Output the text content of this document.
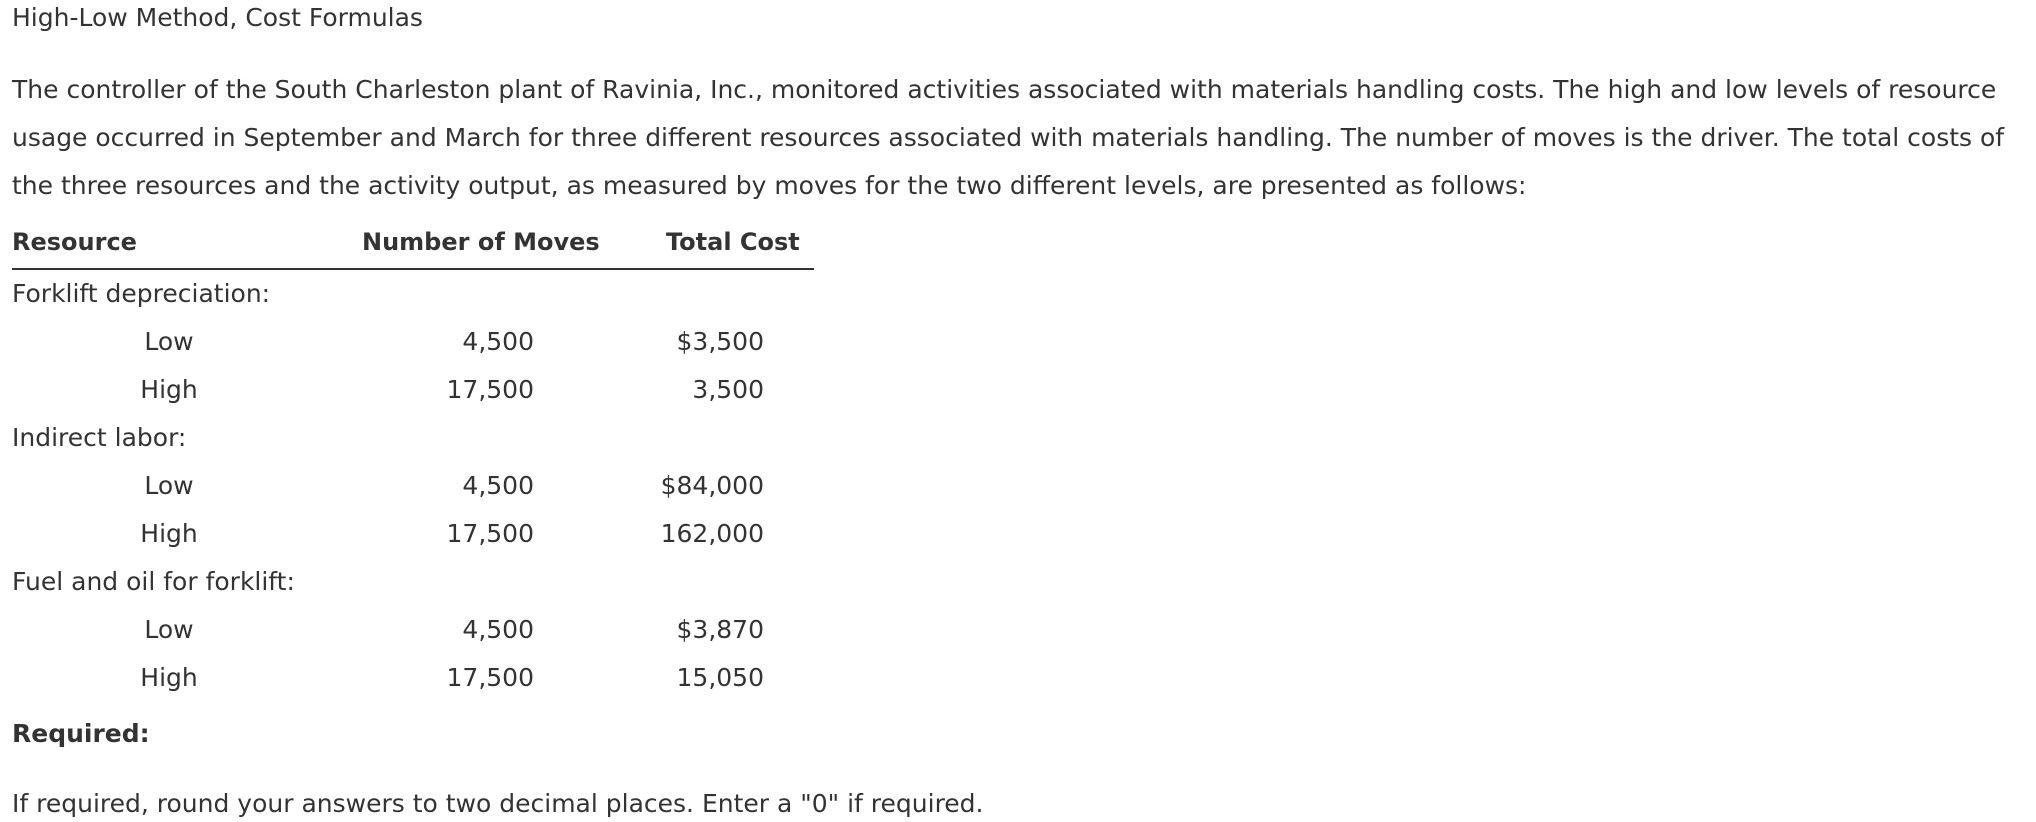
High-Low Method, Cost Formulas

The controller of the South Charleston plant of Ravinia, Inc., monitored activities associated with materials handling costs. The high and low levels of resource usage occurred in September and March for three different resources associated with materials handling. The number of moves is the driver. The total costs of the three resources and the activity output, as measured by moves for the two different levels, are presented as follows:

Resource	Number of Moves	Total Cost
Forklift depreciation:
Low	4,500	$3,500
High	17,500	3,500
Indirect labor:
Low	4,500	$84,000
High	17,500	162,000
Fuel and oil for forklift:
Low	4,500	$3,870
High	17,500	15,050
Required:
If required, round your answers to two decimal places. Enter a "0" if required.
